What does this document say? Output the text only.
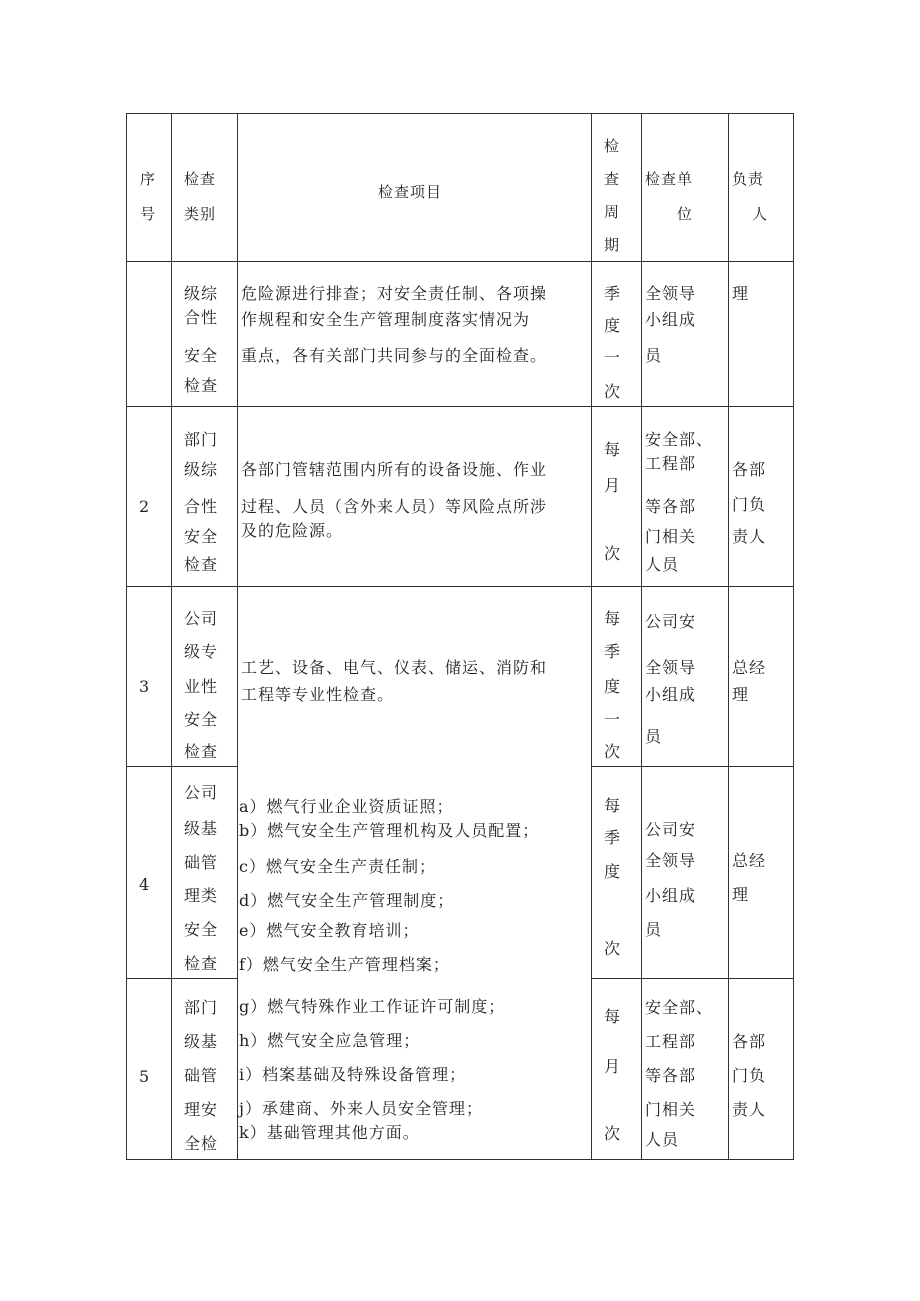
序
号
检查
类别
检查项目
检
查
周
期
检查单
位
负责
人
级综
合性
安全
检查
危险源进行排查；对安全责任制、各项操
作规程和安全生产管理制度落实情况为
重点，各有关部门共同参与的全面检查。
季
度
一
次
全领导
小组成
员
理
2
部门
级综
合性
安全
检查
各部门管辖范围内所有的设备设施、作业
过程、人员（含外来人员）等风险点所涉
及的危险源。
每
月
次
安全部、
工程部
等各部
门相关
人员
各部
门负
责人
3
公司
级专
业性
安全
检查
工艺、设备、电气、仪表、储运、消防和
工程等专业性检查。
每
季
度
一
次
公司安
全领导
小组成
员
总经
理
4
公司
级基
础管
理类
安全
检查
每
季
度
次
公司安
全领导
小组成
员
总经
理
5
部门
级基
础管
理安
全检
每
月
次
安全部、
工程部
等各部
门相关
人员
各部
门负
责人
a）燃气行业企业资质证照；
b）燃气安全生产管理机构及人员配置；
c）燃气安全生产责任制；
d）燃气安全生产管理制度；
e）燃气安全教育培训；
f）燃气安全生产管理档案；
g）燃气特殊作业工作证许可制度；
h）燃气安全应急管理；
i）档案基础及特殊设备管理；
j）承建商、外来人员安全管理；
k）基础管理其他方面。
